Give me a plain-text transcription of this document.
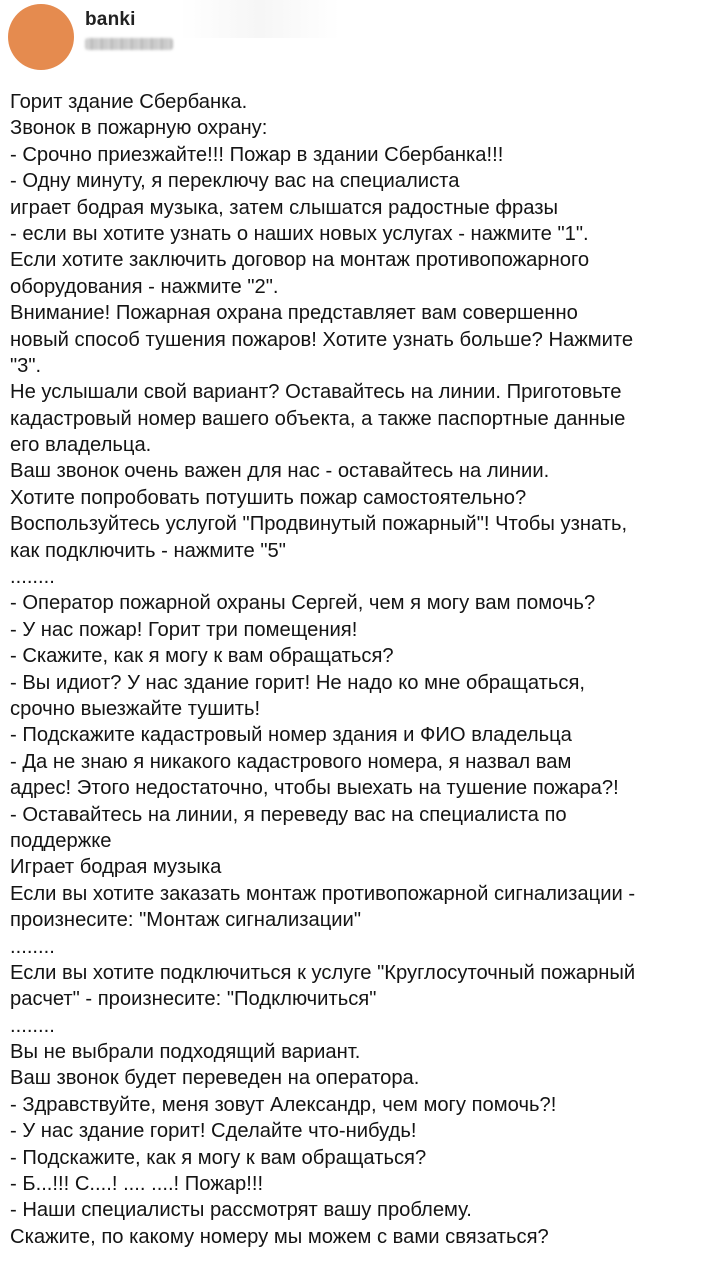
banki
Горит здание Сбербанка.
Звонок в пожарную охрану:
- Срочно приезжайте!!! Пожар в здании Сбербанка!!!
- Одну минуту, я переключу вас на специалиста
играет бодрая музыка, затем слышатся радостные фразы
- если вы хотите узнать о наших новых услугах - нажмите "1".
Если хотите заключить договор на монтаж противопожарного
оборудования - нажмите "2".
Внимание! Пожарная охрана представляет вам совершенно
новый способ тушения пожаров! Хотите узнать больше? Нажмите
"3".
Не услышали свой вариант? Оставайтесь на линии. Приготовьте
кадастровый номер вашего объекта, а также паспортные данные
его владельца.
Ваш звонок очень важен для нас - оставайтесь на линии.
Хотите попробовать потушить пожар самостоятельно?
Воспользуйтесь услугой "Продвинутый пожарный"! Чтобы узнать,
как подключить - нажмите "5"
........
- Оператор пожарной охраны Сергей, чем я могу вам помочь?
- У нас пожар! Горит три помещения!
- Скажите, как я могу к вам обращаться?
- Вы идиот? У нас здание горит! Не надо ко мне обращаться,
срочно выезжайте тушить!
- Подскажите кадастровый номер здания и ФИО владельца
- Да не знаю я никакого кадастрового номера, я назвал вам
адрес! Этого недостаточно, чтобы выехать на тушение пожара?!
- Оставайтесь на линии, я переведу вас на специалиста по
поддержке
Играет бодрая музыка
Если вы хотите заказать монтаж противопожарной сигнализации -
произнесите: "Монтаж сигнализации"
........
Если вы хотите подключиться к услуге "Круглосуточный пожарный
расчет" - произнесите: "Подключиться"
........
Вы не выбрали подходящий вариант.
Ваш звонок будет переведен на оператора.
- Здравствуйте, меня зовут Александр, чем могу помочь?!
- У нас здание горит! Сделайте что-нибудь!
- Подскажите, как я могу к вам обращаться?
- Б...!!! С....! .... ....! Пожар!!!
- Наши специалисты рассмотрят вашу проблему.
Скажите, по какому номеру мы можем с вами связаться?
